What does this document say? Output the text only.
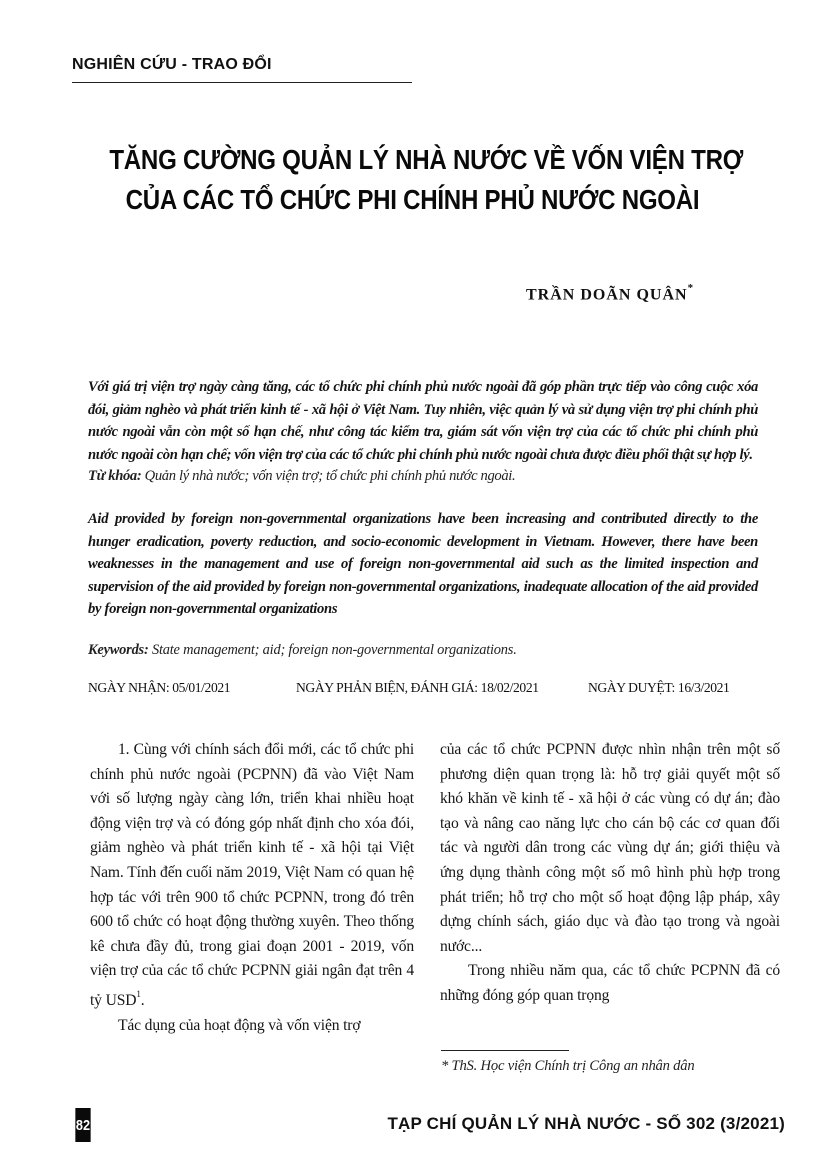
NGHIÊN CỨU - TRAO ĐỔI
TĂNG CƯỜNG QUẢN LÝ NHÀ NƯỚC VỀ VỐN VIỆN TRỢ
CỦA CÁC TỔ CHỨC PHI CHÍNH PHỦ NƯỚC NGOÀI
TRẦN DOÃN QUÂN*

Với giá trị viện trợ ngày càng tăng, các tổ chức phi chính phủ nước ngoài đã góp phần trực tiếp vào công cuộc xóa đói, giảm nghèo và phát triển kinh tế - xã hội ở Việt Nam. Tuy nhiên, việc quản lý và sử dụng viện trợ phi chính phủ nước ngoài vẫn còn một số hạn chế, như công tác kiểm tra, giám sát vốn viện trợ của các tổ chức phi chính phủ nước ngoài còn hạn chế; vốn viện trợ của các tổ chức phi chính phủ nước ngoài chưa được điều phối thật sự hợp lý.

Từ khóa: Quản lý nhà nước; vốn viện trợ; tổ chức phi chính phủ nước ngoài.

Aid provided by foreign non-governmental organizations have been increasing and contributed directly to the hunger eradication, poverty reduction, and socio-economic development in Vietnam. However, there have been weaknesses in the management and use of foreign non-governmental aid such as the limited inspection and supervision of the aid provided by foreign non-governmental organizations, inadequate allocation of the aid provided by foreign non-governmental organizations

Keywords: State management; aid; foreign non-governmental organizations.

NGÀY NHẬN: 05/01/2021	NGÀY PHẢN BIỆN, ĐÁNH GIÁ: 18/02/2021	NGÀY DUYỆT: 16/3/2021

1. Cùng với chính sách đổi mới, các tổ chức phi chính phủ nước ngoài (PCPNN) đã vào Việt Nam với số lượng ngày càng lớn, triển khai nhiều hoạt động viện trợ và có đóng góp nhất định cho xóa đói, giảm nghèo và phát triển kinh tế - xã hội tại Việt Nam. Tính đến cuối năm 2019, Việt Nam có quan hệ hợp tác với trên 900 tổ chức PCPNN, trong đó trên 600 tổ chức có hoạt động thường xuyên. Theo thống kê chưa đầy đủ, trong giai đoạn 2001 - 2019, vốn viện trợ của các tổ chức PCPNN giải ngân đạt trên 4 tỷ USD$^1$.

Tác dụng của hoạt động và vốn viện trợ

của các tổ chức PCPNN được nhìn nhận trên một số phương diện quan trọng là: hỗ trợ giải quyết một số khó khăn về kinh tế - xã hội ở các vùng có dự án; đào tạo và nâng cao năng lực cho cán bộ các cơ quan đối tác và người dân trong các vùng dự án; giới thiệu và ứng dụng thành công một số mô hình phù hợp trong phát triển; hỗ trợ cho một số hoạt động lập pháp, xây dựng chính sách, giáo dục và đào tạo trong và ngoài nước...

Trong nhiều năm qua, các tổ chức PCPNN đã có những đóng góp quan trọng

* ThS. Học viện Chính trị Công an nhân dân
82	TẠP CHÍ QUẢN LÝ NHÀ NƯỚC - SỐ 302 (3/2021)
